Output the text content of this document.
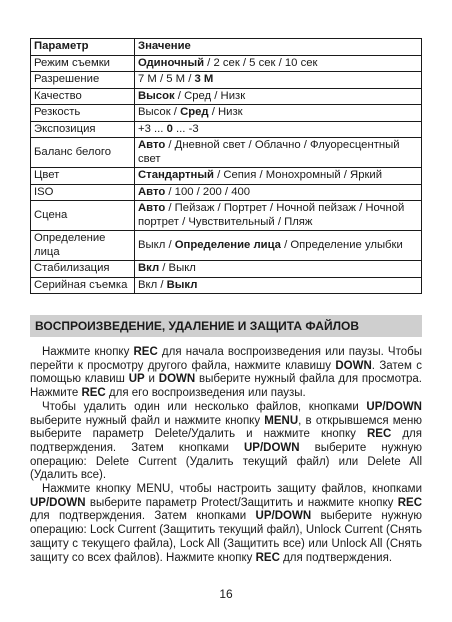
Параметр	Значение
Режим съемки	Одиночный / 2 сек / 5 сек / 10 сек
Разрешение	7 M / 5 M / 3 M
Качество	Высок / Сред / Низк
Резкость	Высок / Сред / Низк
Экспозиция	+3 ... 0 ... -3
Баланс белого	Авто / Дневной свет / Облачно / Флуоресцентный свет
Цвет	Стандартный / Сепия / Монохромный / Яркий
ISO	Авто / 100 / 200 / 400
Сцена	Авто / Пейзаж / Портрет / Ночной пейзаж / Ночной портрет / Чувствительный / Пляж
Определение лица	Выкл / Определение лица / Определение улыбки
Стабилизация	Вкл / Выкл
Серийная съемка	Вкл / Выкл
ВОСПРОИЗВЕДЕНИЕ, УДАЛЕНИЕ И ЗАЩИТА ФАЙЛОВ

Нажмите кнопку REC для начала воспроизведения или паузы. Чтобы перейти к просмотру другого файла, нажмите клавишу DOWN. Затем с помощью клавиш UP и DOWN выберите нужный файла для просмотра. Нажмите REC для его воспроизведения или паузы.

Чтобы удалить один или несколько файлов, кнопками UP/DOWN выберите нужный файл и нажмите кнопку MENU, в открывшемся меню выберите параметр Delete/Удалить и нажмите кнопку REC для подтверждения. Затем кнопками UP/DOWN выберите нужную операцию: Delete Current (Удалить текущий файл) или Delete All (Удалить все).

Нажмите кнопку MENU, чтобы настроить защиту файлов, кнопками UP/DOWN выберите параметр Protect/Защитить и нажмите кнопку REC для подтверждения. Затем кнопками UP/DOWN выберите нужную операцию: Lock Current (Защитить текущий файл), Unlock Current (Снять защиту с текущего файла), Lock All (Защитить все) или Unlock All (Снять защиту со всех файлов). Нажмите кнопку REC для подтверждения.

16
